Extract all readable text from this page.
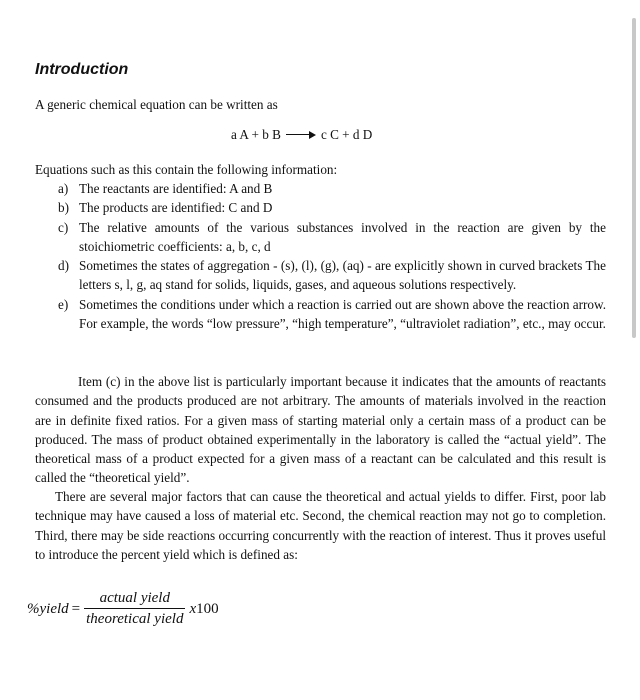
Introduction

A generic chemical equation can be written as

a A + b B	c C + d D

Equations such as this contain the following information:

a) The reactants are identified: A and B
b) The products are identified: C and D
c) The relative amounts of the various substances involved in the reaction are given by the stoichiometric coefficients: a, b, c, d
d) Sometimes the states of aggregation - (s), (l), (g), (aq) - are explicitly shown in curved brackets The letters s, l, g, aq stand for solids, liquids, gases, and aqueous solutions respectively.
e) Sometimes the conditions under which a reaction is carried out are shown above the reaction arrow. For example, the words “low pressure”, “high temperature”, “ultraviolet radiation”, etc., may occur.

Item (c) in the above list is particularly important because it indicates that the amounts of reactants consumed and the products produced are not arbitrary. The amounts of materials involved in the reaction are in definite fixed ratios. For a given mass of starting material only a certain mass of a product can be produced. The mass of product obtained experimentally in the laboratory is called the “actual yield”. The theoretical mass of a product expected for a given mass of a reactant can be calculated and this result is called the “theoretical yield”.

There are several major factors that can cause the theoretical and actual yields to differ. First, poor lab technique may have caused a loss of material etc. Second, the chemical reaction may not go to completion. Third, there may be side reactions occurring concurrently with the reaction of interest. Thus it proves useful to introduce the percent yield which is defined as:

%yield = $\frac{\text{actual yield}}{\text{theoretical yield}} x100$
